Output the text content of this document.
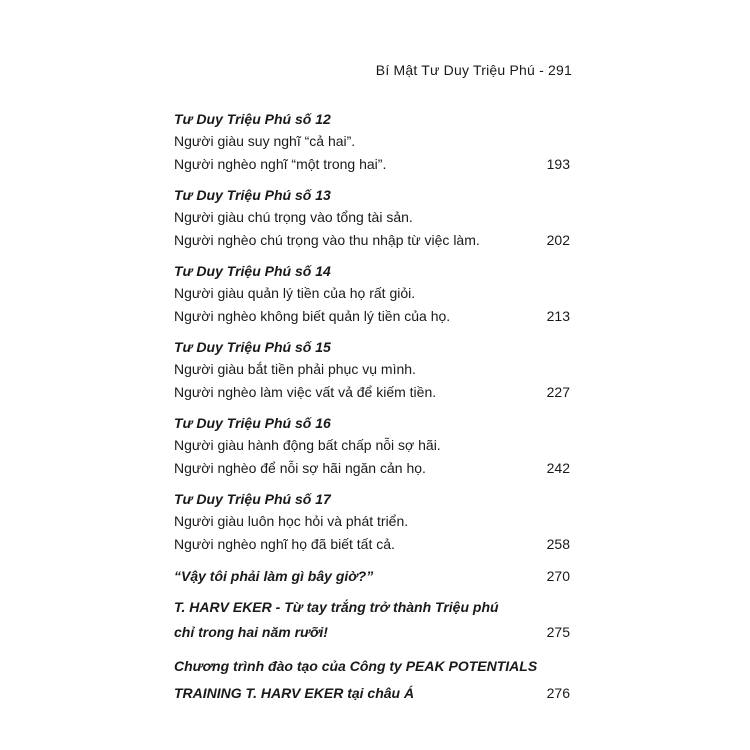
Bí Mật Tư Duy Triệu Phú - 291
Tư Duy Triệu Phú số 12
Người giàu suy nghĩ “cả hai”.
Người nghèo nghĩ “một trong hai”.	193
Tư Duy Triệu Phú số 13
Người giàu chú trọng vào tổng tài sản.
Người nghèo chú trọng vào thu nhập từ việc làm.	202
Tư Duy Triệu Phú số 14
Người giàu quản lý tiền của họ rất giỏi.
Người nghèo không biết quản lý tiền của họ.	213
Tư Duy Triệu Phú số 15
Người giàu bắt tiền phải phục vụ mình.
Người nghèo làm việc vất vả để kiếm tiền.	227
Tư Duy Triệu Phú số 16
Người giàu hành động bất chấp nỗi sợ hãi.
Người nghèo để nỗi sợ hãi ngăn cản họ.	242
Tư Duy Triệu Phú số 17
Người giàu luôn học hỏi và phát triển.
Người nghèo nghĩ họ đã biết tất cả.	258
“Vậy tôi phải làm gì bây giờ?”	270
T. HARV EKER - Từ tay trắng trở thành Triệu phú
chỉ trong hai năm rưỡi!	275
Chương trình đào tạo của Công ty PEAK POTENTIALS
TRAINING T. HARV EKER tại châu Á	276
